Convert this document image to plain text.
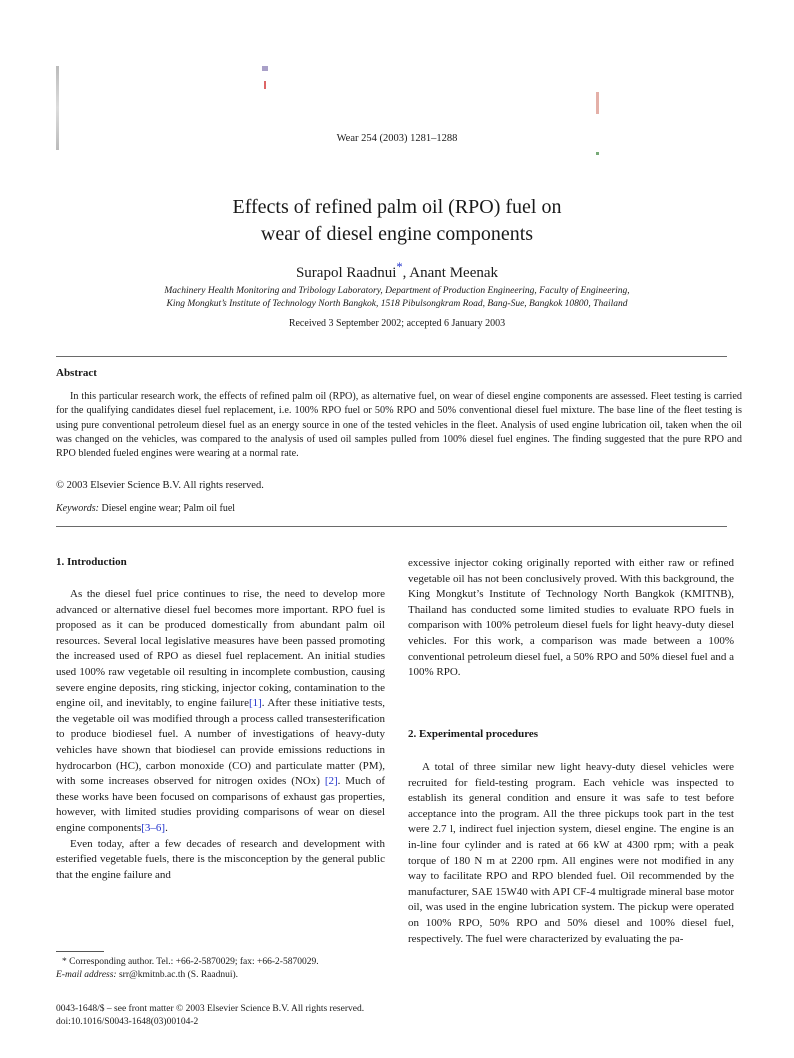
Wear 254 (2003) 1281–1288
Effects of refined palm oil (RPO) fuel on
wear of diesel engine components
Surapol Raadnui*, Anant Meenak
Machinery Health Monitoring and Tribology Laboratory, Department of Production Engineering, Faculty of Engineering,
King Mongkut’s Institute of Technology North Bangkok, 1518 Pibulsongkram Road, Bang-Sue, Bangkok 10800, Thailand
Received 3 September 2002; accepted 6 January 2003
Abstract

In this particular research work, the effects of refined palm oil (RPO), as alternative fuel, on wear of diesel engine components are assessed. Fleet testing is carried for the qualifying candidates diesel fuel replacement, i.e. 100% RPO fuel or 50% RPO and 50% conventional diesel fuel mixture. The base line of the fleet testing is using pure conventional petroleum diesel fuel as an energy source in one of the tested vehicles in the fleet. Analysis of used engine lubrication oil, taken when the oil was changed on the vehicles, was compared to the analysis of used oil samples pulled from 100% diesel fuel engines. The finding suggested that the pure RPO and RPO blended fueled engines were wearing at a normal rate.

© 2003 Elsevier Science B.V. All rights reserved.
Keywords: Diesel engine wear; Palm oil fuel
1. Introduction

As the diesel fuel price continues to rise, the need to develop more advanced or alternative diesel fuel becomes more important. RPO fuel is proposed as it can be produced domestically from abundant palm oil resources. Several local legislative measures have been passed promoting the increased used of RPO as diesel fuel replacement. An initial studies used 100% raw vegetable oil resulting in incomplete combustion, causing severe engine deposits, ring sticking, injector coking, contamination to the engine oil, and inevitably, to engine failure[1]. After these initiative tests, the vegetable oil was modified through a process called transesterification to produce biodiesel fuel. A number of investigations of heavy-duty vehicles have shown that biodiesel can provide emissions reductions in hydrocarbon (HC), carbon monoxide (CO) and particulate matter (PM), with some increases observed for nitrogen oxides (NOx) [2]. Much of these works have been focused on comparisons of exhaust gas properties, however, with limited studies providing comparisons of wear on diesel engine components[3–6].

Even today, after a few decades of research and development with esterified vegetable fuels, there is the misconception by the general public that the engine failure and

excessive injector coking originally reported with either raw or refined vegetable oil has not been conclusively proved. With this background, the King Mongkut’s Institute of Technology North Bangkok (KMITNB), Thailand has conducted some limited studies to evaluate RPO fuels in comparison with 100% petroleum diesel fuels for light heavy-duty diesel vehicles. For this work, a comparison was made between a 100% conventional petroleum diesel fuel, a 50% RPO and 50% diesel fuel and a 100% RPO.

2. Experimental procedures

A total of three similar new light heavy-duty diesel vehicles were recruited for field-testing program. Each vehicle was inspected to establish its general condition and ensure it was safe to test before acceptance into the program. All the three pickups took part in the test were 2.7 l, indirect fuel injection system, diesel engine. The engine is an in-line four cylinder and is rated at 66 kW at 4300 rpm; with a peak torque of 180 N m at 2200 rpm. All engines were not modified in any way to facilitate RPO and RPO blended fuel. Oil recommended by the manufacturer, SAE 15W40 with API CF-4 multigrade mineral base motor oil, was used in the engine lubrication system. The pickup were operated on 100% RPO, 50% RPO and 50% diesel and 100% diesel fuel, respectively. The fuel were characterized by evaluating the pa-

* Corresponding author. Tel.: +66-2-5870029; fax: +66-2-5870029.
E-mail address: srr@kmitnb.ac.th (S. Raadnui).
0043-1648/$ – see front matter © 2003 Elsevier Science B.V. All rights reserved.
doi:10.1016/S0043-1648(03)00104-2
